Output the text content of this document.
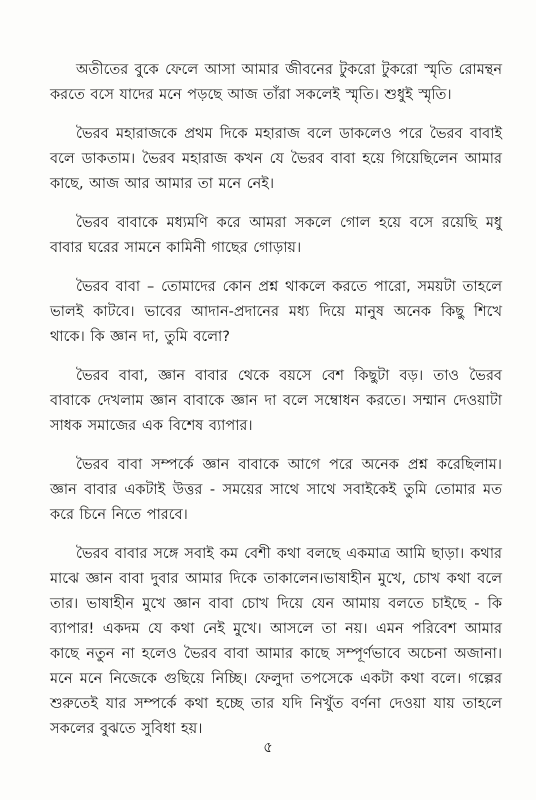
অতীতের বুকে ফেলে আসা আমার জীবনের টুকরো টুকরো স্মৃতি রোমন্থন করতে বসে যাদের মনে পড়ছে আজ তাঁরা সকলেই স্মৃতি। শুধুই স্মৃতি।

ভৈরব মহারাজকে প্রথম দিকে মহারাজ বলে ডাকলেও পরে ভৈরব বাবাই বলে ডাকতাম। ভৈরব মহারাজ কখন যে ভৈরব বাবা হয়ে গিয়েছিলেন আমার কাছে, আজ আর আমার তা মনে নেই।

ভৈরব বাবাকে মধ্যমণি করে আমরা সকলে গোল হয়ে বসে রয়েছি মধু বাবার ঘরের সামনে কামিনী গাছের গোড়ায়।

ভৈরব বাবা – তোমাদের কোন প্রশ্ন থাকলে করতে পারো, সময়টা তাহলে ভালই কাটবে। ভাবের আদান-প্রদানের মধ্য দিয়ে মানুষ অনেক কিছু শিখে থাকে। কি জ্ঞান দা, তুমি বলো?

ভৈরব বাবা, জ্ঞান বাবার থেকে বয়সে বেশ কিছুটা বড়। তাও ভৈরব বাবাকে দেখলাম জ্ঞান বাবাকে জ্ঞান দা বলে সম্বোধন করতে। সম্মান দেওয়াটা সাধক সমাজের এক বিশেষ ব্যাপার।

ভৈরব বাবা সম্পর্কে জ্ঞান বাবাকে আগে পরে অনেক প্রশ্ন করেছিলাম। জ্ঞান বাবার একটাই উত্তর - সময়ের সাথে সাথে সবাইকেই তুমি তোমার মত করে চিনে নিতে পারবে।

ভৈরব বাবার সঙ্গে সবাই কম বেশী কথা বলছে একমাত্র আমি ছাড়া। কথার মাঝে জ্ঞান বাবা দুবার আমার দিকে তাকালেন।ভাষাহীন মুখে, চোখ কথা বলে তার। ভাষাহীন মুখে জ্ঞান বাবা চোখ দিয়ে যেন আমায় বলতে চাইছে - কি ব্যাপার! একদম যে কথা নেই মুখে। আসলে তা নয়। এমন পরিবেশ আমার কাছে নতুন না হলেও ভৈরব বাবা আমার কাছে সম্পূর্ণভাবে অচেনা অজানা। মনে মনে নিজেকে গুছিয়ে নিচ্ছি। ফেলুদা তপসেকে একটা কথা বলে। গল্পের শুরুতেই যার সম্পর্কে কথা হচ্ছে তার যদি নিখুঁত বর্ণনা দেওয়া যায় তাহলে সকলের বুঝতে সুবিধা হয়।

৫
